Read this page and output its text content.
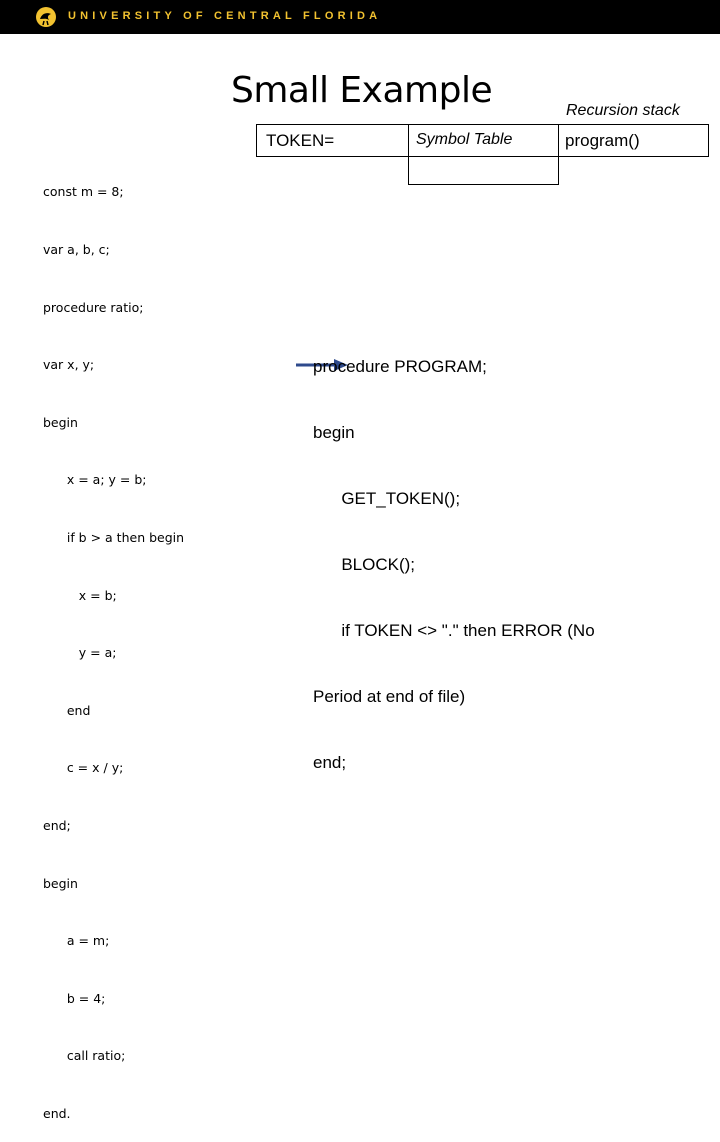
UNIVERSITY OF CENTRAL FLORIDA
Small Example	Recursion stack
TOKEN=	Symbol Table	program()

const m = 8;

var a, b, c;

procedure ratio;

var x, y;

begin

x = a; y = b;

if b > a then begin

x = b;

y = a;

end

c = x / y;

end;

begin

a = m;

b = 4;

call ratio;

end.

procedure PROGRAM;

begin

GET_TOKEN();

BLOCK();

if TOKEN <> "." then ERROR (No

Period at end of file)

end;
